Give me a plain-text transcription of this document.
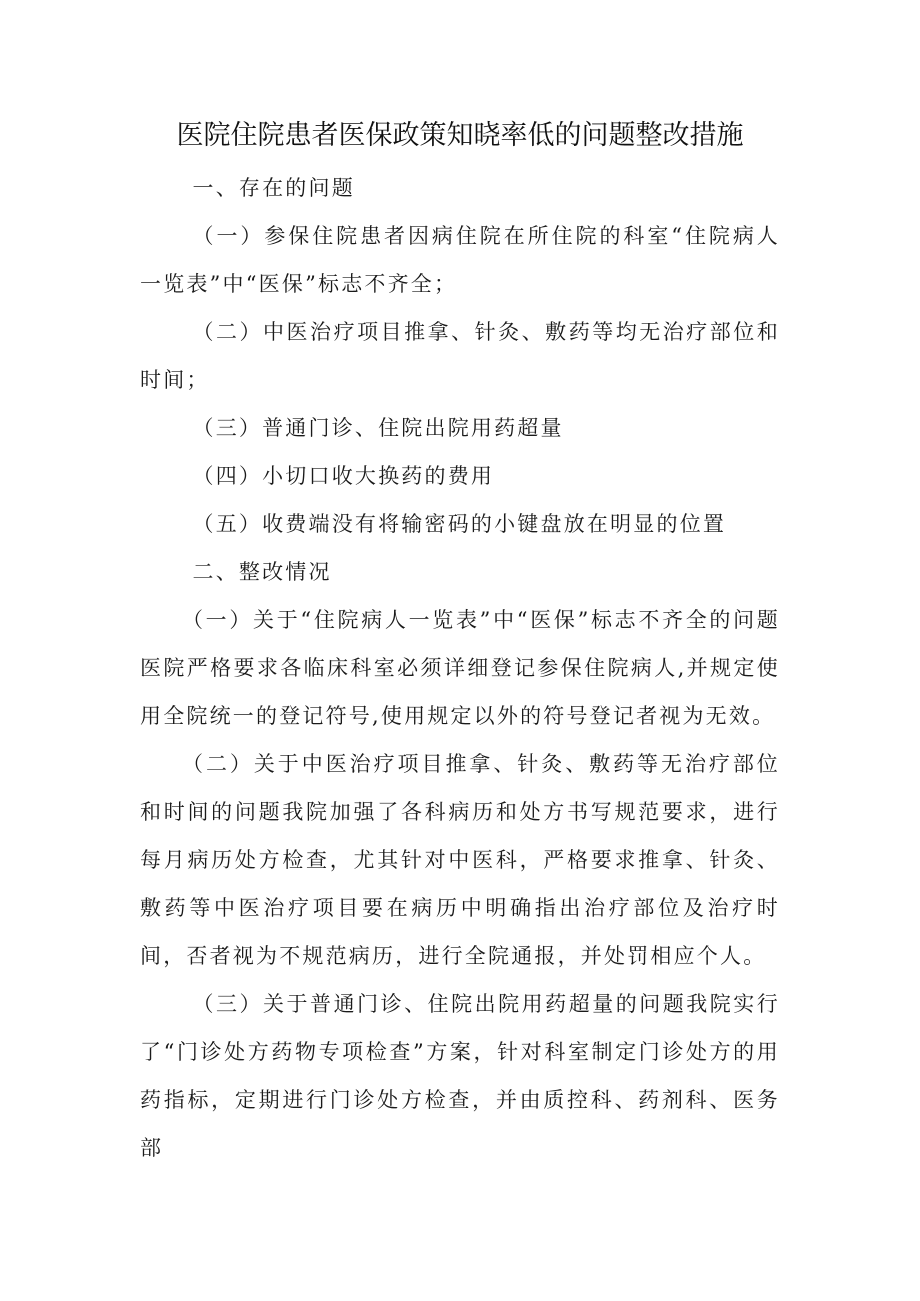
医院住院患者医保政策知晓率低的问题整改措施

一、存在的问题

（一）参保住院患者因病住院在所住院的科室“住院病人一览表”中“医保”标志不齐全；

（二）中医治疗项目推拿、针灸、敷药等均无治疗部位和时间；

（三）普通门诊、住院出院用药超量

（四）小切口收大换药的费用

（五）收费端没有将输密码的小键盘放在明显的位置

二、整改情况

（一）关于“住院病人一览表”中“医保”标志不齐全的问题医院严格要求各临床科室必须详细登记参保住院病人,并规定使用全院统一的登记符号,使用规定以外的符号登记者视为无效。

（二）关于中医治疗项目推拿、针灸、敷药等无治疗部位和时间的问题我院加强了各科病历和处方书写规范要求，进行每月病历处方检查，尤其针对中医科，严格要求推拿、针灸、敷药等中医治疗项目要在病历中明确指出治疗部位及治疗时间，否者视为不规范病历，进行全院通报，并处罚相应个人。

（三）关于普通门诊、住院出院用药超量的问题我院实行了“门诊处方药物专项检查”方案，针对科室制定门诊处方的用药指标，定期进行门诊处方检查，并由质控科、药剂科、医务部
